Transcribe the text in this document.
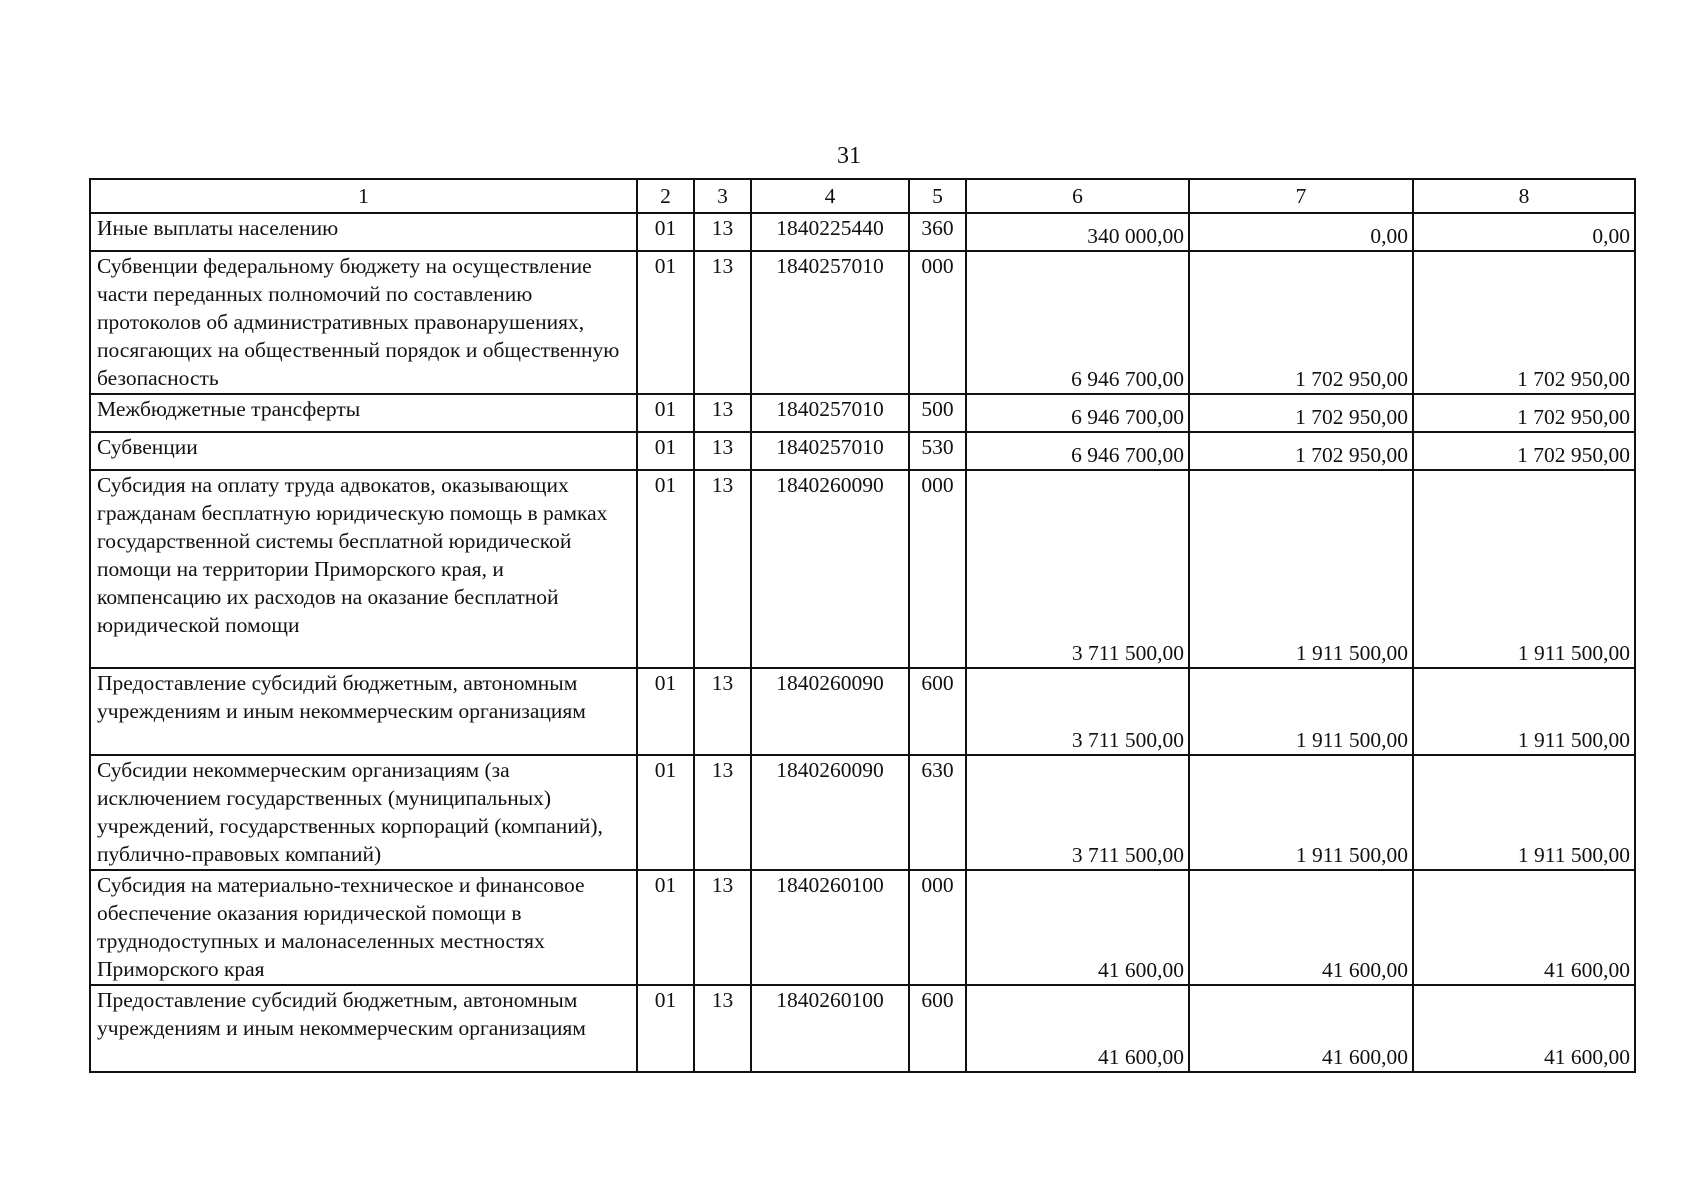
31
1	2	3	4	5	6	7	8
Иные выплаты населению	01	13	1840225440	360	340 000,00	0,00	0,00
Субвенции федеральному бюджету на осуществление части переданных полномочий по составлению протоколов об административных правонарушениях, посягающих на общественный порядок и общественную безопасность	01	13	1840257010	000	6 946 700,00	1 702 950,00	1 702 950,00
Межбюджетные трансферты	01	13	1840257010	500	6 946 700,00	1 702 950,00	1 702 950,00
Субвенции	01	13	1840257010	530	6 946 700,00	1 702 950,00	1 702 950,00
Субсидия на оплату труда адвокатов, оказывающих гражданам бесплатную юридическую помощь в рамках государственной системы бесплатной юридической помощи на территории Приморского края, и компенсацию их расходов на оказание бесплатной юридической помощи	01	13	1840260090	000	3 711 500,00	1 911 500,00	1 911 500,00
Предоставление субсидий бюджетным, автономным учреждениям и иным некоммерческим организациям	01	13	1840260090	600	3 711 500,00	1 911 500,00	1 911 500,00
Субсидии некоммерческим организациям (за исключением государственных (муниципальных) учреждений, государственных корпораций (компаний), публично-правовых компаний)	01	13	1840260090	630	3 711 500,00	1 911 500,00	1 911 500,00
Субсидия на материально-техническое и финансовое обеспечение оказания юридической помощи в труднодоступных и малонаселенных местностях Приморского края	01	13	1840260100	000	41 600,00	41 600,00	41 600,00
Предоставление субсидий бюджетным, автономным учреждениям и иным некоммерческим организациям	01	13	1840260100	600	41 600,00	41 600,00	41 600,00
